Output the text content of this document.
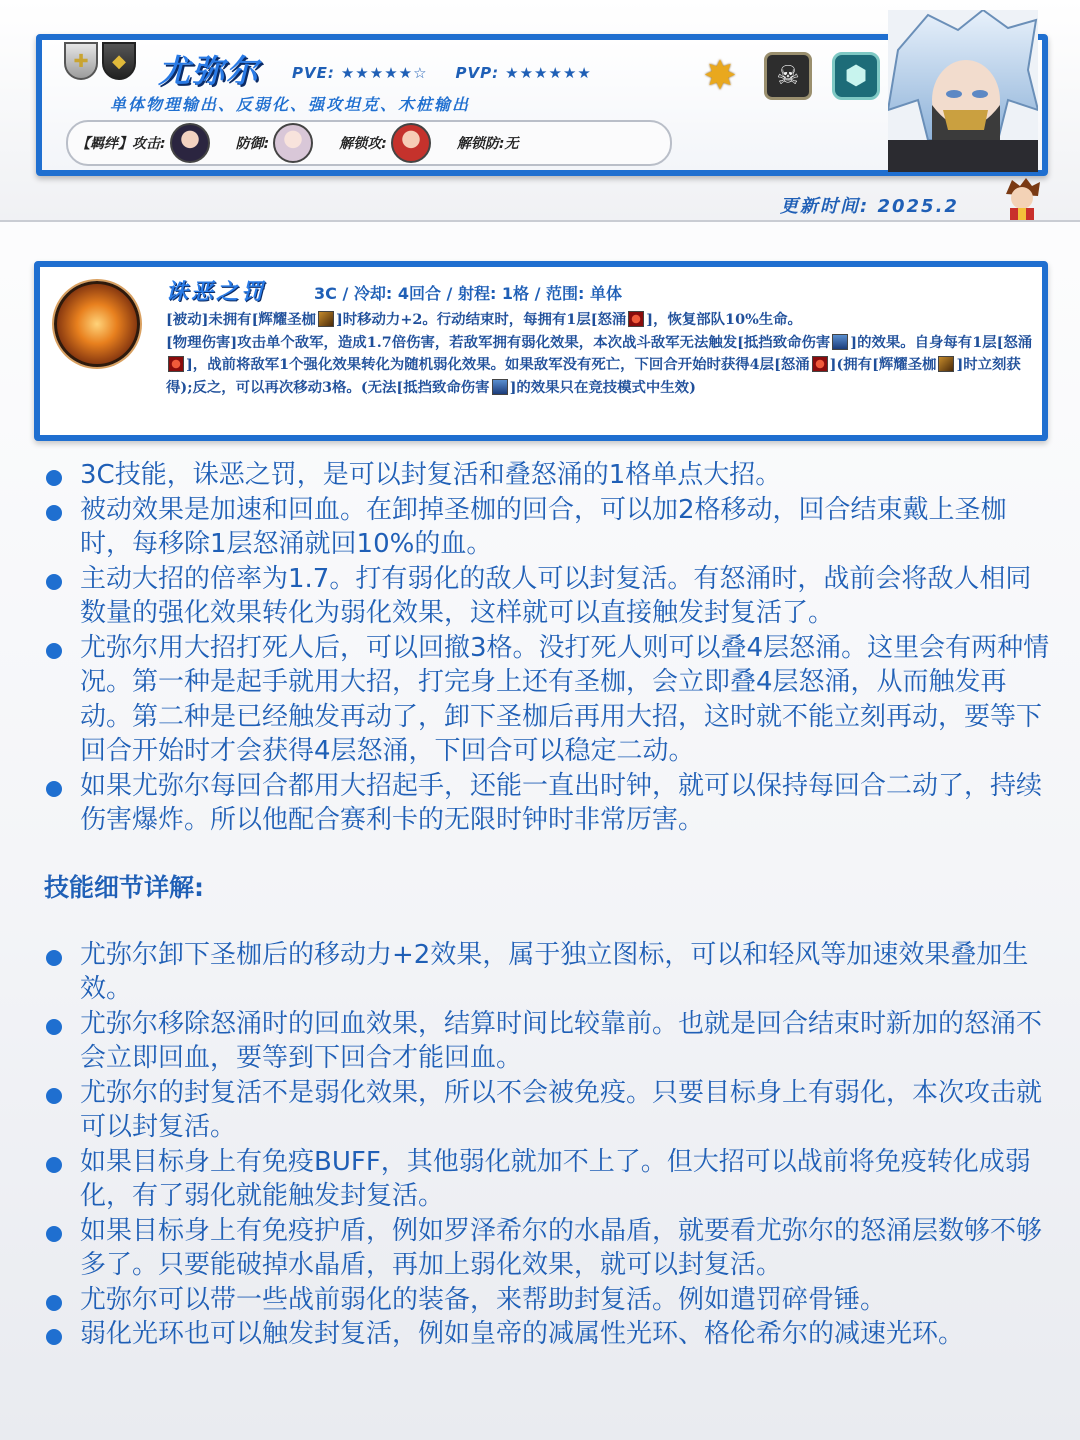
✚	◆	尤弥尔 PVE: ★★★★★☆ PVP: ★★★★★★
单体物理输出、反弱化、强攻坦克、木桩输出
【羁绊】 攻击:	防御:	解锁攻:	解锁防: 无
✸	☠	⬢
更新时间: 2025.2
诛恶之罚	3C / 冷却: 4回合 / 射程: 1格 / 范围: 单体
[被动]未拥有[辉耀圣枷 ]时移动力+2。行动结束时，每拥有1层[怒涌 ]，恢复部队10%生命。
[物理伤害]攻击单个敌军，造成1.7倍伤害，若敌军拥有弱化效果，本次战斗敌军无法触发[抵挡致命伤害 ]的效果。自身每有1层[怒涌]，战前将敌军1个强化效果转化为随机弱化效果。如果敌军没有死亡，下回合开始时获得4层[怒涌 ](拥有[辉耀圣枷 ]时立刻获得);反之，可以再次移动3格。(无法[抵挡致命伤害 ]的效果只在竞技模式中生效)
3C技能，诛恶之罚，是可以封复活和叠怒涌的1格单点大招。
被动效果是加速和回血。在卸掉圣枷的回合，可以加2格移动，回合结束戴上圣枷时，每移除1层怒涌就回10%的血。
主动大招的倍率为1.7。打有弱化的敌人可以封复活。有怒涌时，战前会将敌人相同数量的强化效果转化为弱化效果，这样就可以直接触发封复活了。
尤弥尔用大招打死人后，可以回撤3格。没打死人则可以叠4层怒涌。这里会有两种情况。第一种是起手就用大招，打完身上还有圣枷，会立即叠4层怒涌，从而触发再动。第二种是已经触发再动了，卸下圣枷后再用大招，这时就不能立刻再动，要等下回合开始时才会获得4层怒涌，下回合可以稳定二动。
如果尤弥尔每回合都用大招起手，还能一直出时钟，就可以保持每回合二动了，持续伤害爆炸。所以他配合赛利卡的无限时钟时非常厉害。
技能细节详解:
尤弥尔卸下圣枷后的移动力+2效果，属于独立图标，可以和轻风等加速效果叠加生效。
尤弥尔移除怒涌时的回血效果，结算时间比较靠前。也就是回合结束时新加的怒涌不会立即回血，要等到下回合才能回血。
尤弥尔的封复活不是弱化效果，所以不会被免疫。只要目标身上有弱化，本次攻击就可以封复活。
如果目标身上有免疫BUFF，其他弱化就加不上了。但大招可以战前将免疫转化成弱化，有了弱化就能触发封复活。
如果目标身上有免疫护盾，例如罗泽希尔的水晶盾，就要看尤弥尔的怒涌层数够不够多了。只要能破掉水晶盾，再加上弱化效果，就可以封复活。
尤弥尔可以带一些战前弱化的装备，来帮助封复活。例如遣罚碎骨锤。
弱化光环也可以触发封复活，例如皇帝的减属性光环、格伦希尔的减速光环。
